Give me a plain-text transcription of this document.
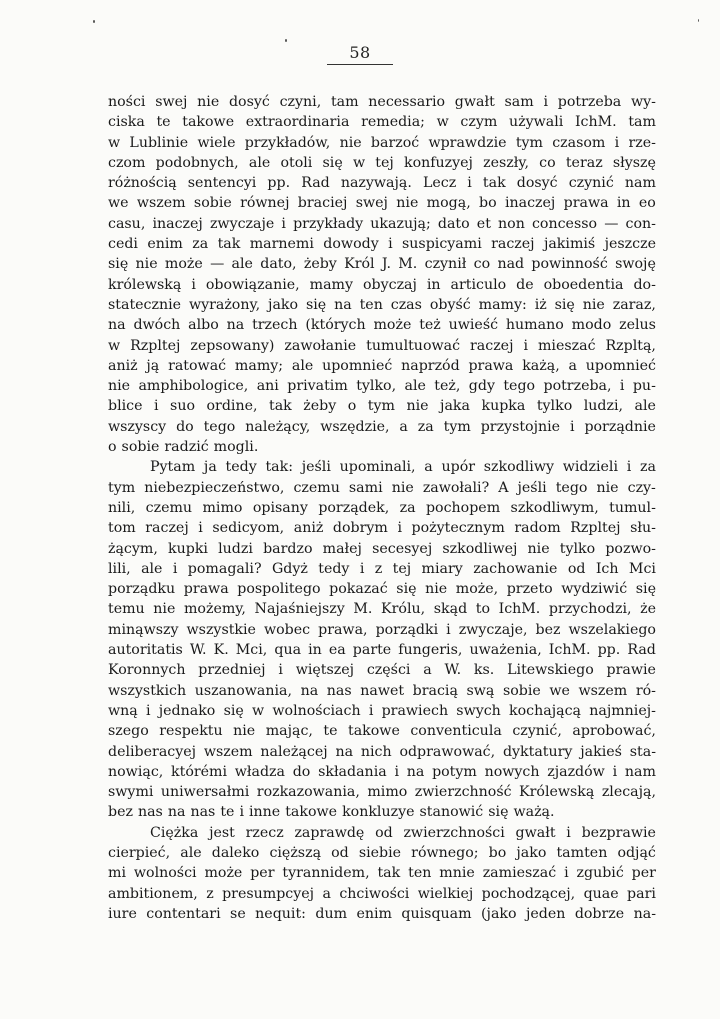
58
ności swej nie dosyć czyni, tam necessario gwałt sam i potrzeba wy-
ciska te takowe extraordinaria remedia; w czym używali IchM. tam
w Lublinie wiele przykładów, nie barzoć wprawdzie tym czasom i rze-
czom podobnych, ale otoli się w tej konfuzyej zeszły, co teraz słyszę
różnością sentencyi pp. Rad nazywają. Lecz i tak dosyć czynić nam
we wszem sobie równej braciej swej nie mogą, bo inaczej prawa in eo
casu, inaczej zwyczaje i przykłady ukazują; dato et non concesso — con-
cedi enim za tak marnemi dowody i suspicyami raczej jakimiś jeszcze
się nie może — ale dato, żeby Król J. M. czynił co nad powinność swoję
królewską i obowiązanie, mamy obyczaj in articulo de oboedentia do-
statecznie wyrażony, jako się na ten czas obyść mamy: iż się nie zaraz,
na dwóch albo na trzech (których może też uwieść humano modo zelus
w Rzpltej zepsowany) zawołanie tumultuować raczej i mieszać Rzpltą,
aniż ją ratować mamy; ale upomnieć naprzód prawa każą, a upomnieć
nie amphibologice, ani privatim tylko, ale też, gdy tego potrzeba, i pu-
blice i suo ordine, tak żeby o tym nie jaka kupka tylko ludzi, ale
wszyscy do tego należący, wszędzie, a za tym przystojnie i porządnie
o sobie radzić mogli.
Pytam ja tedy tak: jeśli upominali, a upór szkodliwy widzieli i za
tym niebezpieczeństwo, czemu sami nie zawołali? A jeśli tego nie czy-
nili, czemu mimo opisany porządek, za pochopem szkodliwym, tumul-
tom raczej i sedicyom, aniż dobrym i pożytecznym radom Rzpltej słu-
żącym, kupki ludzi bardzo małej secesyej szkodliwej nie tylko pozwo-
lili, ale i pomagali? Gdyż tedy i z tej miary zachowanie od Ich Mci
porządku prawa pospolitego pokazać się nie może, przeto wydziwić się
temu nie możemy, Najaśniejszy M. Królu, skąd to IchM. przychodzi, że
minąwszy wszystkie wobec prawa, porządki i zwyczaje, bez wszelakiego
autoritatis W. K. Mci, qua in ea parte fungeris, uważenia, IchM. pp. Rad
Koronnych przedniej i więtszej części a W. ks. Litewskiego prawie
wszystkich uszanowania, na nas nawet bracią swą sobie we wszem ró-
wną i jednako się w wolnościach i prawiech swych kochającą najmniej-
szego respektu nie mając, te takowe conventicula czynić, aprobować,
deliberacyej wszem należącej na nich odprawować, dyktatury jakieś sta-
nowiąc, którémi władza do składania i na potym nowych zjazdów i nam
swymi uniwersałmi rozkazowania, mimo zwierzchność Królewską zlecają,
bez nas na nas te i inne takowe konkluzye stanowić się ważą.
Ciężka jest rzecz zaprawdę od zwierzchności gwałt i bezprawie
cierpieć, ale daleko cięższą od siebie równego; bo jako tamten odjąć
mi wolności może per tyrannidem, tak ten mnie zamieszać i zgubić per
ambitionem, z presumpcyej a chciwości wielkiej pochodzącej, quae pari
iure contentari se nequit: dum enim quisquam (jako jeden dobrze na-
